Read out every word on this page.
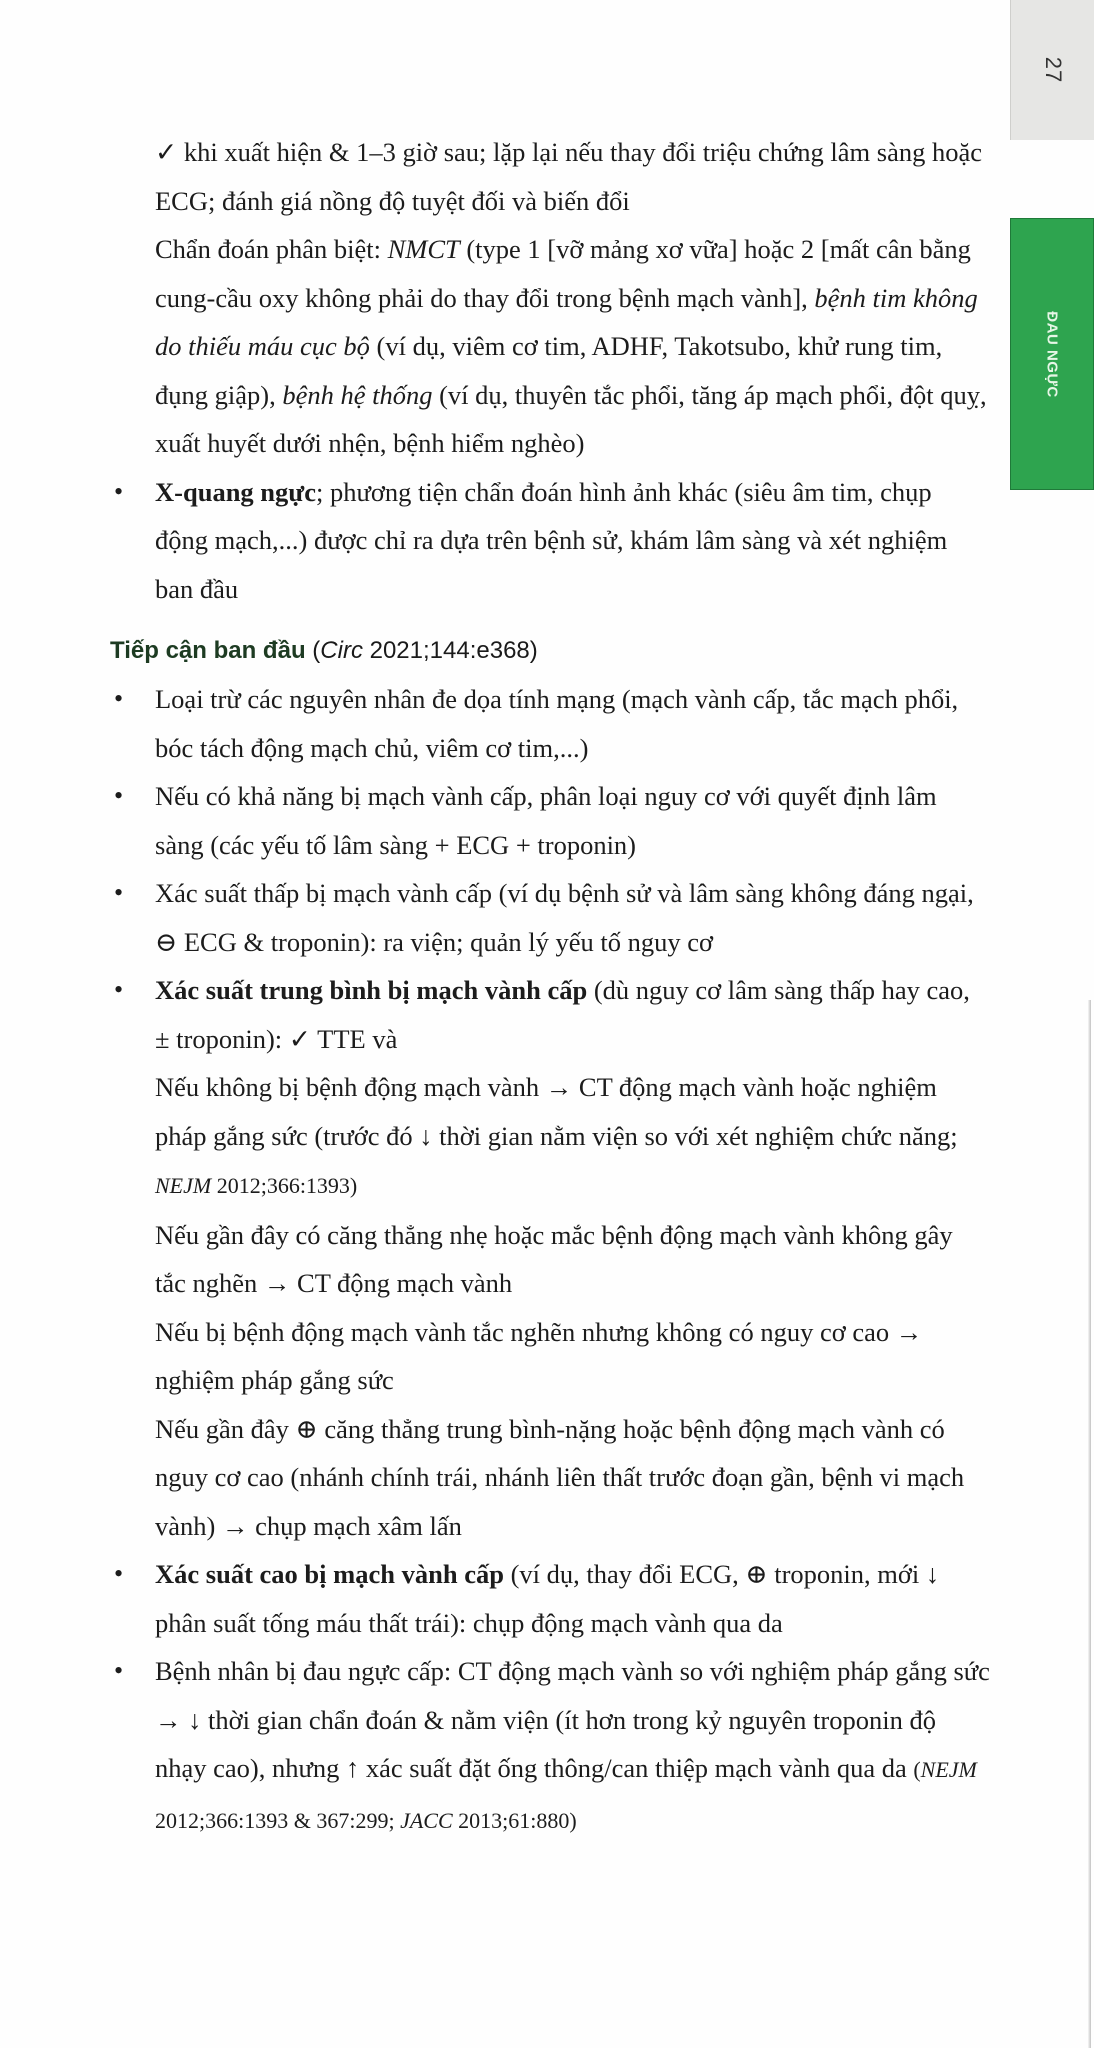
27
ĐAU NGỰC

✓ khi xuất hiện & 1–3 giờ sau; lặp lại nếu thay đổi triệu chứng lâm sàng hoặc ECG; đánh giá nồng độ tuyệt đối và biến đổi

Chẩn đoán phân biệt: NMCT (type 1 [vỡ mảng xơ vữa] hoặc 2 [mất cân bằng cung-cầu oxy không phải do thay đổi trong bệnh mạch vành], bệnh tim không do thiếu máu cục bộ (ví dụ, viêm cơ tim, ADHF, Takotsubo, khử rung tim, đụng giập), bệnh hệ thống (ví dụ, thuyên tắc phổi, tăng áp mạch phổi, đột quỵ, xuất huyết dưới nhện, bệnh hiểm nghèo)

• X-quang ngực; phương tiện chẩn đoán hình ảnh khác (siêu âm tim, chụp động mạch,...) được chỉ ra dựa trên bệnh sử, khám lâm sàng và xét nghiệm ban đầu

Tiếp cận ban đầu (Circ 2021;144:e368)

• Loại trừ các nguyên nhân đe dọa tính mạng (mạch vành cấp, tắc mạch phổi, bóc tách động mạch chủ, viêm cơ tim,...)

• Nếu có khả năng bị mạch vành cấp, phân loại nguy cơ với quyết định lâm sàng (các yếu tố lâm sàng + ECG + troponin)

• Xác suất thấp bị mạch vành cấp (ví dụ bệnh sử và lâm sàng không đáng ngại, ⊖ ECG & troponin): ra viện; quản lý yếu tố nguy cơ

• Xác suất trung bình bị mạch vành cấp (dù nguy cơ lâm sàng thấp hay cao, ± troponin): ✓ TTE và

Nếu không bị bệnh động mạch vành → CT động mạch vành hoặc nghiệm pháp gắng sức (trước đó ↓ thời gian nằm viện so với xét nghiệm chức năng; NEJM 2012;366:1393)

Nếu gần đây có căng thẳng nhẹ hoặc mắc bệnh động mạch vành không gây tắc nghẽn → CT động mạch vành

Nếu bị bệnh động mạch vành tắc nghẽn nhưng không có nguy cơ cao → nghiệm pháp gắng sức

Nếu gần đây ⊕ căng thẳng trung bình-nặng hoặc bệnh động mạch vành có nguy cơ cao (nhánh chính trái, nhánh liên thất trước đoạn gần, bệnh vi mạch vành) → chụp mạch xâm lấn

• Xác suất cao bị mạch vành cấp (ví dụ, thay đổi ECG, ⊕ troponin, mới ↓ phân suất tống máu thất trái): chụp động mạch vành qua da

• Bệnh nhân bị đau ngực cấp: CT động mạch vành so với nghiệm pháp gắng sức → ↓ thời gian chẩn đoán & nằm viện (ít hơn trong kỷ nguyên troponin độ nhạy cao), nhưng ↑ xác suất đặt ống thông/can thiệp mạch vành qua da (NEJM 2012;366:1393 & 367:299; JACC 2013;61:880)
